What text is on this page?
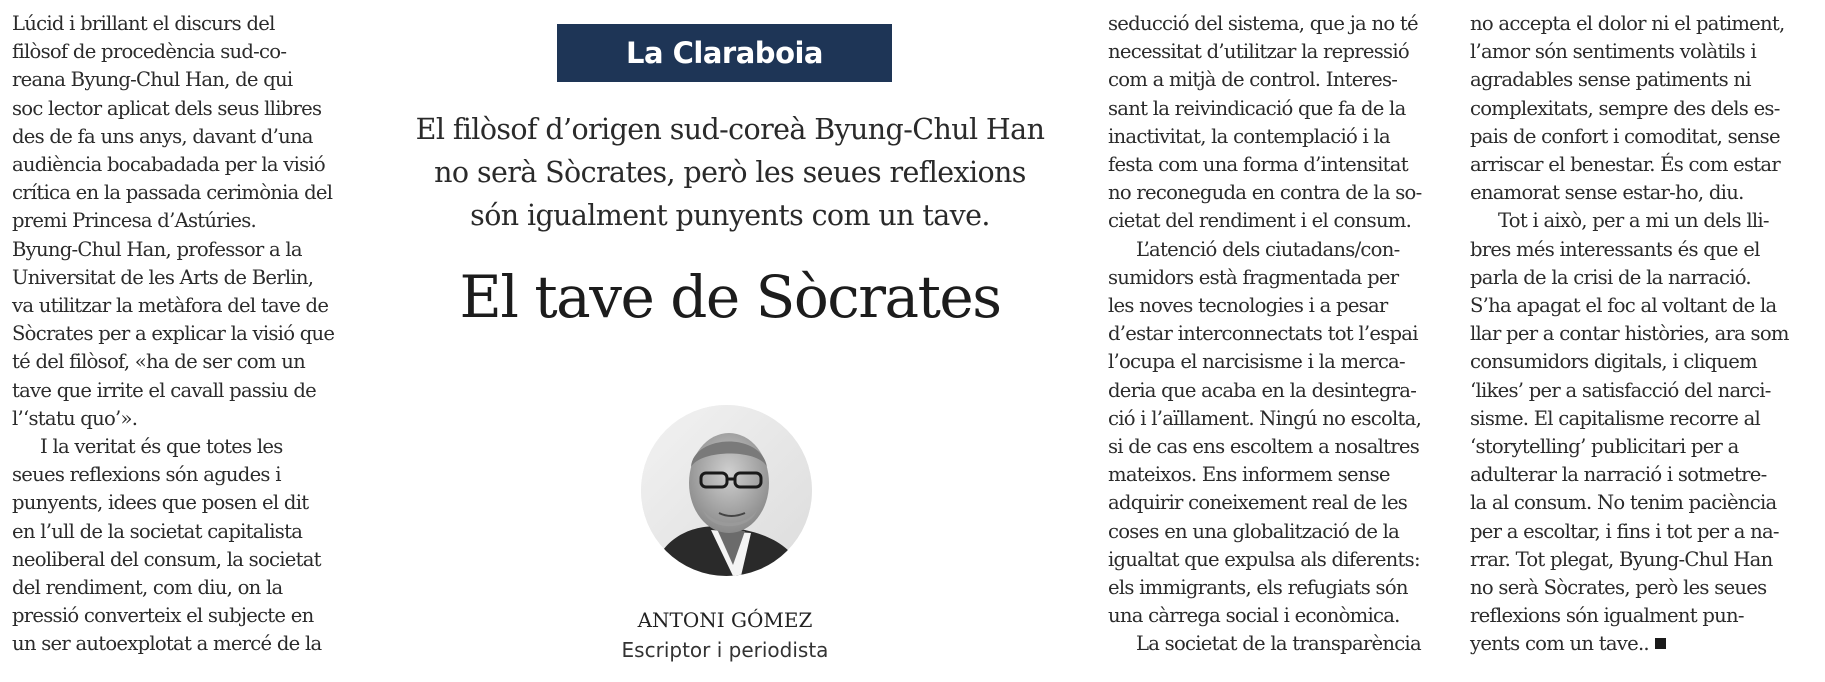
Lúcid i brillant el discurs del
filòsof de procedència sud-co-
reana Byung-Chul Han, de qui
soc lector aplicat dels seus llibres
des de fa uns anys, davant d’una
audiència bocabadada per la visió
crítica en la passada cerimònia del
premi Princesa d’Astúries.
Byung-Chul Han, professor a la
Universitat de les Arts de Berlin,
va utilitzar la metàfora del tave de
Sòcrates per a explicar la visió que
té del filòsof, «ha de ser com un
tave que irrite el cavall passiu de
l’‘statu quo’».
I la veritat és que totes les
seues reflexions són agudes i
punyents, idees que posen el dit
en l’ull de la societat capitalista
neoliberal del consum, la societat
del rendiment, com diu, on la
pressió converteix el subjecte en
un ser autoexplotat a mercé de la
La Claraboia
El filòsof d’origen sud-coreà Byung-Chul Han
no serà Sòcrates, però les seues reflexions
són igualment punyents com un tave.
El tave de Sòcrates
ANTONI GÓMEZ
Escriptor i periodista
seducció del sistema, que ja no té
necessitat d’utilitzar la repressió
com a mitjà de control. Interes-
sant la reivindicació que fa de la
inactivitat, la contemplació i la
festa com una forma d’intensitat
no reconeguda en contra de la so-
cietat del rendiment i el consum.
L’atenció dels ciutadans/con-
sumidors està fragmentada per
les noves tecnologies i a pesar
d’estar interconnectats tot l’espai
l’ocupa el narcisisme i la merca-
deria que acaba en la desintegra-
ció i l’aïllament. Ningú no escolta,
si de cas ens escoltem a nosaltres
mateixos. Ens informem sense
adquirir coneixement real de les
coses en una globalització de la
igualtat que expulsa als diferents:
els immigrants, els refugiats són
una càrrega social i econòmica.
La societat de la transparència
no accepta el dolor ni el patiment,
l’amor són sentiments volàtils i
agradables sense patiments ni
complexitats, sempre des dels es-
pais de confort i comoditat, sense
arriscar el benestar. És com estar
enamorat sense estar-ho, diu.
Tot i això, per a mi un dels lli-
bres més interessants és que el
parla de la crisi de la narració.
S’ha apagat el foc al voltant de la
llar per a contar històries, ara som
consumidors digitals, i cliquem
‘likes’ per a satisfacció del narci-
sisme. El capitalisme recorre al
‘storytelling’ publicitari per a
adulterar la narració i sotmetre-
la al consum. No tenim paciència
per a escoltar, i fins i tot per a na-
rrar. Tot plegat, Byung-Chul Han
no serà Sòcrates, però les seues
reflexions són igualment pun-
yents com un tave..
